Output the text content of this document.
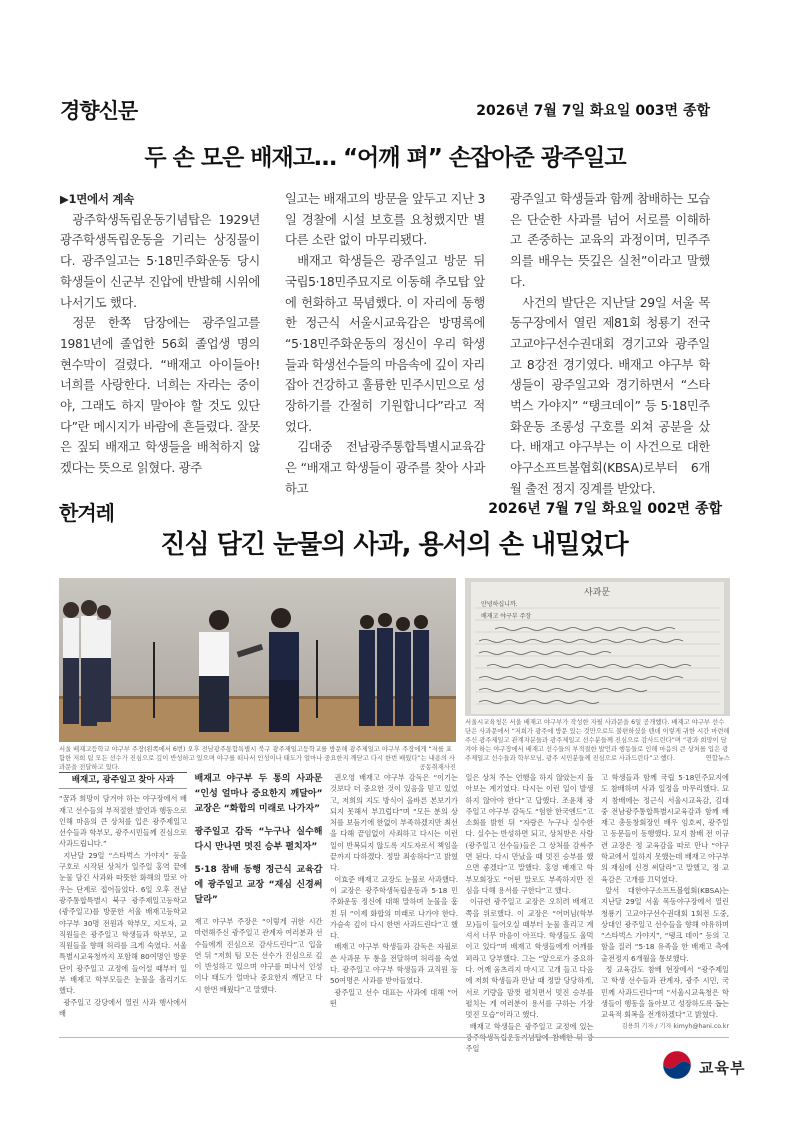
경향신문	2026년 7월 7일 화요일 003면 종합
두 손 모은 배재고… “어깨 펴” 손잡아준 광주일고

▶1면에서 계속

광주학생독립운동기념탑은 1929년 광주학생독립운동을 기리는 상징물이다. 광주일고는 5·18민주화운동 당시 학생들이 신군부 진압에 반발해 시위에 나서기도 했다.

정문 한쪽 담장에는 광주일고를 1981년에 졸업한 56회 졸업생 명의 현수막이 걸렸다. “배재고 아이들아! 너희를 사랑한다. 너희는 자라는 중이야, 그래도 하지 말아야 할 것도 있단다”란 메시지가 바람에 흔들렸다. 잘못은 짚되 배재고 학생들을 배척하지 않겠다는 뜻으로 읽혔다. 광주

일고는 배재고의 방문을 앞두고 지난 3일 경찰에 시설 보호를 요청했지만 별다른 소란 없이 마무리됐다.

배재고 학생들은 광주일고 방문 뒤 국립5·18민주묘지로 이동해 추모탑 앞에 헌화하고 묵념했다. 이 자리에 동행한 정근식 서울시교육감은 방명록에 “5·18민주화운동의 정신이 우리 학생들과 학생선수들의 마음속에 깊이 자리 잡아 건강하고 훌륭한 민주시민으로 성장하기를 간절히 기원합니다”라고 적었다.

김대중 전남광주통합특별시교육감은 “배재고 학생들이 광주를 찾아 사과하고

광주일고 학생들과 함께 참배하는 모습은 단순한 사과를 넘어 서로를 이해하고 존중하는 교육의 과정이며, 민주주의를 배우는 뜻깊은 실천”이라고 말했다.

사건의 발단은 지난달 29일 서울 목동구장에서 열린 제81회 청룡기 전국고교야구선수권대회 경기고와 광주일고 8강전 경기였다. 배재고 야구부 학생들이 광주일고와 경기하면서 “스타벅스 가야지” “탱크데이” 등 5·18민주화운동 조롱성 구호를 외쳐 공분을 샀다. 배재고 야구부는 이 사건으로 대한야구소프트볼협회(KBSA)로부터 6개월 출전 정지 징계를 받았다.

한겨레	2026년 7월 7일 화요일 002면 종합
진심 담긴 눈물의 사과, 용서의 손 내밀었다
서울 배재고등학교 야구부 주장(왼쪽에서 6번) 오후 전남광주통합특별시 북구 광주제일고등학교를 방문해 광주제일고 야구부 주장에게 “저를 포함한 저희 팀 모든 선수가 진심으로 깊이 반성하고 있으며 야구를 떠나서 인성이나 태도가 얼마나 중요한지 깨닫고 다시 한번 배웠다”는 내용의 사과문을 전달하고 있다.	공동취재사진
사과문
안녕하십니까.
배재고 야구부 주장
서울시교육청은 서울 배재고 야구부가 작성한 자필 사과문을 6일 공개했다. 배재고 야구부 선수단은 사과문에서 “저희가 광주에 방문 있는 것만으로도 불편하셨을 텐데 이렇게 귀한 시간 마련해주신 광주제일고 관계자분들과 광주제일고 선수분들께 진심으로 감사드린다”며 “광과 희망이 담겨야 하는 야구장에서 배재고 선수들의 부적절한 발언과 행동들로 인해 마음의 큰 상처를 입은 광주제일고 선수들과 학부모님, 광주 시민분들께 진심으로 사과드린다”고 했다.	연합뉴스
배재고, 광주일고 찾아 사과

“꿈과 희망이 담겨야 하는 야구장에서 배재고 선수들의 부적절한 발언과 행동으로 인해 마음의 큰 상처를 입은 광주제일고 선수들과 학부모, 광주시민들께 진심으로 사과드립니다.”

지난달 29일 “스타벅스 가야지” 등을 구호로 시작된 상처가 일주일 홍역 끝에 눈물 담긴 사과와 따뜻한 화해의 말로 아우는 단계로 접어들었다. 6일 오후 전남광주통합특별시 북구 광주제일고등학교(광주일고)를 방문한 서울 배재고등학교 야구부 30명 전원과 학부모, 지도자, 교직원들은 광주일고 학생들과 학부모, 교직원들을 향해 허리를 크게 숙였다. 서울특별시교육청까지 포함해 80여명인 방문단이 광주일고 교정에 들어설 때부터 일부 배재고 학부모들은 눈물을 흘리기도 했다.

광주일고 강당에서 열린 사과 행사에서 배

배재고 야구부 두 통의 사과문 “인성 얼마나 중요한지 깨달아” 교장은 “화합의 미래로 나가자”
광주일고 감독 “누구나 실수해 다시 만나면 멋진 승부 펼치자”
5·18 참배 동행 정근식 교육감에 광주일고 교장 “재심 신경써달라”

재고 야구부 주장은 “이렇게 귀한 시간 마련해주신 광주일고 관계자 여러분과 선수들에게 진심으로 감사드린다”고 입을 연 뒤 “저희 팀 모든 선수가 진심으로 깊이 반성하고 있으며 야구를 떠나서 인성이나 태도가 얼마나 중요한지 깨닫고 다시 한번 배웠다”고 말했다.

권오영 배재고 야구부 감독은 “이기는 것보다 더 중요한 것이 있음을 믿고 있었고, 저희의 지도 방식이 올바른 본보기가 되지 못해서 부끄럽다”며 “모든 분의 상처를 보듬기에 한없이 부족하겠지만 최선을 다해 끝임없이 사죄하고 다시는 이런 일이 반복되지 않도록 지도자로서 책임을 끝까지 다하겠다. 정말 죄송하다”고 밝혔다.

이효준 배재고 교장도 눈물로 사과했다. 이 교장은 광주학생독립운동과 5·18 민주화운동 정신에 대해 말하며 눈물을 훔친 뒤 “이제 화합의 미래로 나가야 한다. 가슴속 깊이 다시 한번 사과드린다”고 했다.

배재고 야구부 학생들과 감독은 자필로 쓴 사과문 두 통을 전달하며 허리를 숙였다. 광주일고 야구부 학생들과 교직원 등 50여명은 사과를 받아들였다.

광주일고 선수 대표는 사과에 대해 “어떤

일은 상처 주는 언행을 하지 않았는지 돌아보는 계기였다. 다시는 이런 일이 발생하지 않아야 한다”고 답했다. 조윤채 광주일고 야구부 감독도 “험한 한국엔드”고 소회를 밝힌 뒤 “자랑은 누구나 실수한다. 실수는 반성하면 되고, 상처받은 사람(광주일고 선수들)들은 그 상처를 감싸주면 된다. 다시 만났을 때 멋진 승부를 했으면 좋겠다”고 말했다. 홍영 배재고 학부모회장도 “어떤 말로도 부족하지만 진심을 다해 용서를 구한다”고 했다.

이규련 광주일고 교장은 오히려 배재고 쪽을 위로했다. 이 교장은 “어머님(학부모)들이 들어오실 때부터 눈물 흘리고 계셔서 너무 마음이 아프다. 학생들도 울먹이고 있다”며 배재고 학생들에게 어깨를 펴라고 당부했다. 그는 “앞으로가 중요하다. 어깨 움츠리지 마시고 고개 들고 다음에 저희 학생들과 만날 때 정말 당당하게, 서로 기량을 맘껏 펼치면서 멋진 승부를 펼치는 게 여러분이 용서를 구하는 가장 멋진 모습”이라고 했다.

배재고 학생들은 광주일고 교정에 있는 주일

고 학생들과 함께 국립 5·18민주묘지에도 참배하며 사과 일정을 마무리했다. 묘지 참배에는 정근식 서울시교육감, 김대중 전남광주통합특별시교육감과 함께 배재고 총동창회장인 배우 임호씨, 광주일고 동문들이 동행했다. 묘지 참배 전 이규련 교장은 정 교육감을 따로 만나 “야구 학교에서 일하지 못했는데 배재고 야구부의 재심에 신경 써달라”고 말했고, 정 교육감은 고개를 끄덕였다.

앞서 대한야구소프트볼협회(KBSA)는 지난달 29일 서울 목동야구장에서 열린 청룡기 고교야구선수권대회 1회전 도중, 상대인 광주일고 선수들을 향해 야유하며 “스타벅스 가야지”, “탱크 데이” 등의 고함을 질러 “5·18 유족을 한 배재고 측에 출전정지 6개월을 통보했다.

정 교육감도 참배 현장에서 “광주제일고 학생 선수들과 관계자, 광주 시민, 국민께 사과드린다”며 “서울시교육청은 학생들이 행동을 돌아보고 성장하도록 돕는 교육적 회복을 전개하겠다”고 밝혔다.

김용희 기자 / 기자 kimyh@hani.co.kr
교육부
